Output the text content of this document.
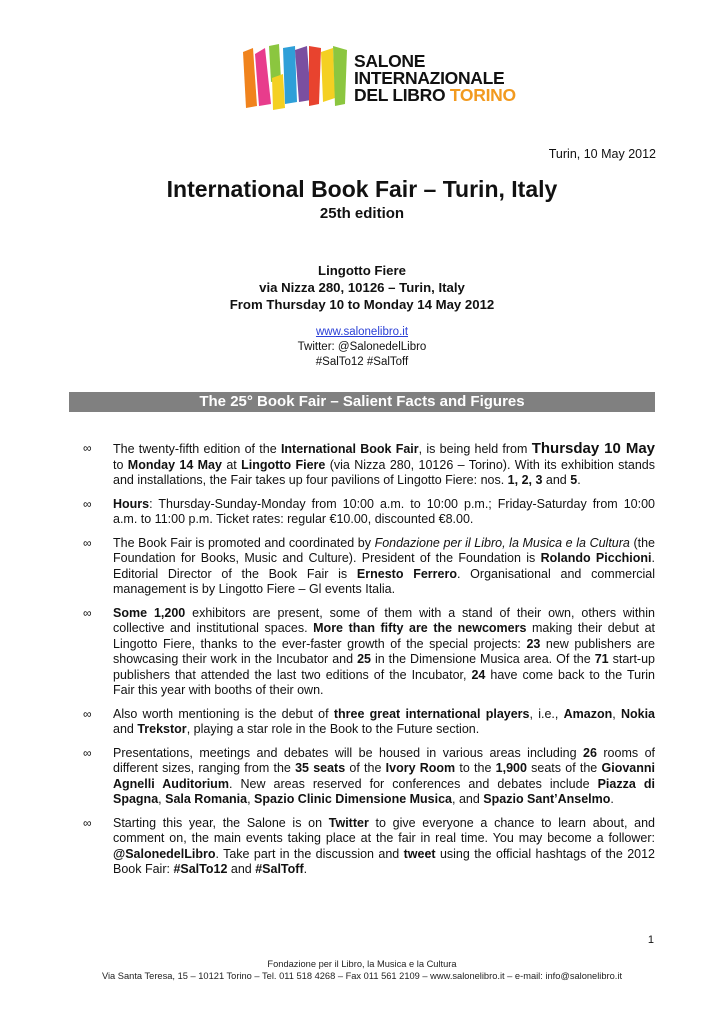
SALONE
INTERNAZIONALE
DEL LIBRO TORINO
Turin, 10 May 2012
International Book Fair – Turin, Italy
25th edition
Lingotto Fiere
via Nizza 280, 10126 – Turin, Italy
From Thursday 10 to Monday 14 May 2012
www.salonelibro.it
Twitter: @SalonedelLibro
#SalTo12 #SalToff
The 25° Book Fair – Salient Facts and Figures
∞ The twenty-fifth edition of the International Book Fair, is being held from Thursday 10 May to Monday 14 May at Lingotto Fiere (via Nizza 280, 10126 – Torino). With its exhibition stands and installations, the Fair takes up four pavilions of Lingotto Fiere: nos. 1, 2, 3 and 5.
∞ Hours: Thursday-Sunday-Monday from 10:00 a.m. to 10:00 p.m.; Friday-Saturday from 10:00 a.m. to 11:00 p.m. Ticket rates: regular €10.00, discounted €8.00.
∞ The Book Fair is promoted and coordinated by Fondazione per il Libro, la Musica e la Cultura (the Foundation for Books, Music and Culture). President of the Foundation is Rolando Picchioni. Editorial Director of the Book Fair is Ernesto Ferrero. Organisational and commercial management is by Lingotto Fiere – Gl events Italia.
∞ Some 1,200 exhibitors are present, some of them with a stand of their own, others within collective and institutional spaces. More than fifty are the newcomers making their debut at Lingotto Fiere, thanks to the ever-faster growth of the special projects: 23 new publishers are showcasing their work in the Incubator and 25 in the Dimensione Musica area. Of the 71 start-up publishers that attended the last two editions of the Incubator, 24 have come back to the Turin Fair this year with booths of their own.
∞ Also worth mentioning is the debut of three great international players, i.e., Amazon, Nokia and Trekstor, playing a star role in the Book to the Future section.
∞ Presentations, meetings and debates will be housed in various areas including 26 rooms of different sizes, ranging from the 35 seats of the Ivory Room to the 1,900 seats of the Giovanni Agnelli Auditorium. New areas reserved for conferences and debates include Piazza di Spagna, Sala Romania, Spazio Clinic Dimensione Musica, and Spazio Sant’Anselmo.
∞ Starting this year, the Salone is on Twitter to give everyone a chance to learn about, and comment on, the main events taking place at the fair in real time. You may become a follower: @SalonedelLibro. Take part in the discussion and tweet using the official hashtags of the 2012 Book Fair: #SalTo12 and #SalToff.
1
Fondazione per il Libro, la Musica e la Cultura
Via Santa Teresa, 15 – 10121 Torino – Tel. 011 518 4268 – Fax 011 561 2109 – www.salonelibro.it – e-mail: info@salonelibro.it
